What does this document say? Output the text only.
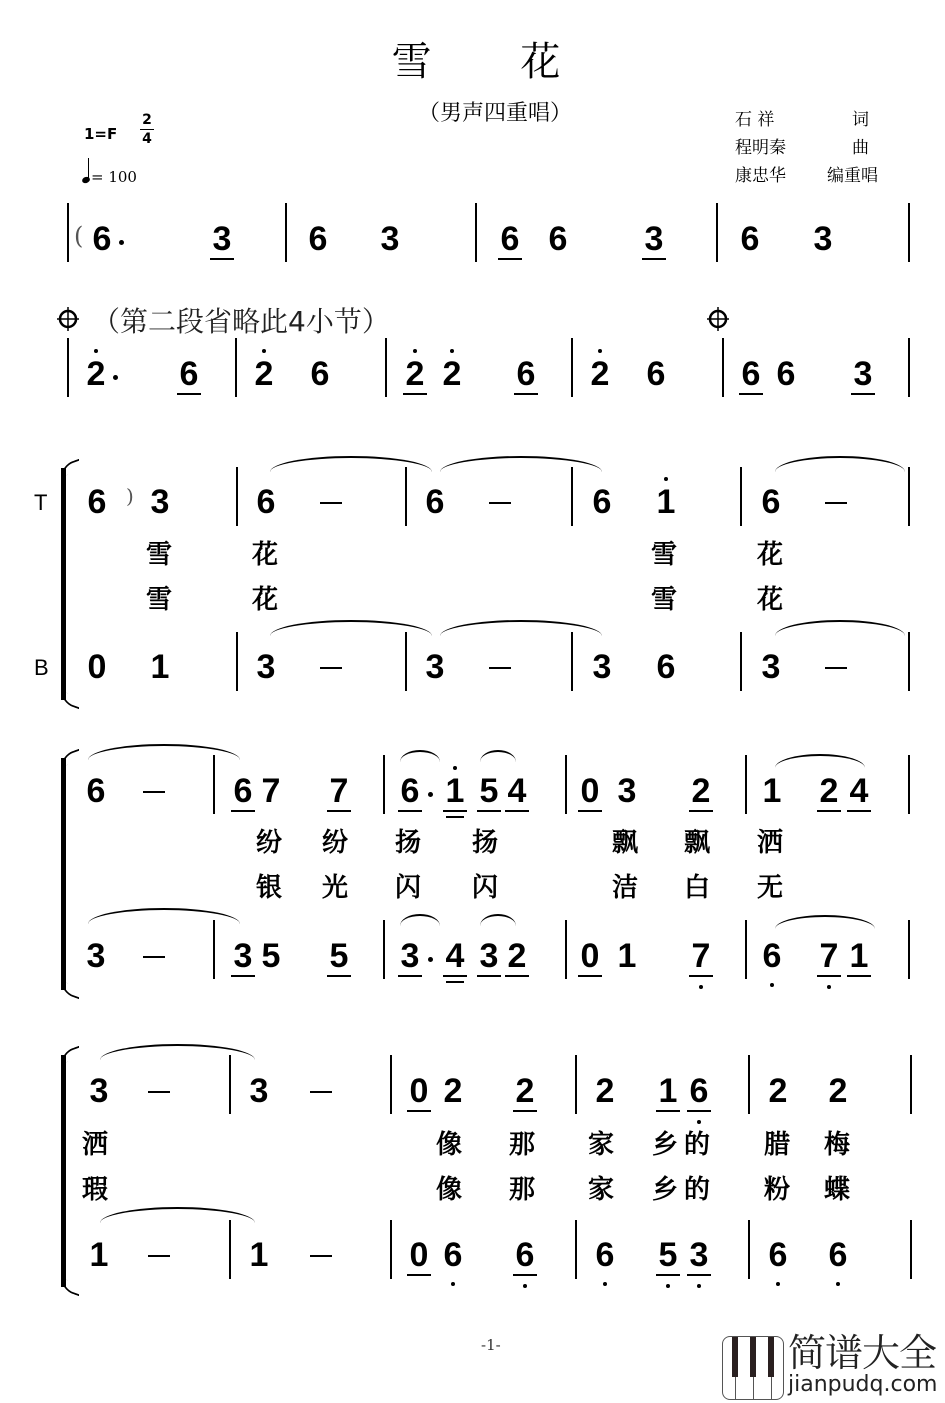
雪 花
（男声四重唱）
1=F
2
4
= 100
石 祥	词
程明秦	曲
康忠华 编重唱
( 6	3 6 3	6 6 3 6 3
（第二段省略此4小节）
2 6 2 6 2 2 6 2 6 6 6 3
T
B
6 ) 3	6	6	6 1	6
雪	花	雪	花
雪	花	雪	花
0 1	3	3	3 6	3
6	6 7 7 6 1 5 4 0 3 2 1 2 4
纷 纷 扬 扬	飘 飘 洒
银 光 闪 闪	洁 白 无
3	3 5 5 3 4 3 2 0 1 7 6 7 1
3	3	0 2 2 2 1 6 2 2
洒	像 那 家 乡 的 腊 梅
瑕	像 那 家 乡 的 粉 蝶
1	1	0 6 6 6 5 3 6 6
-1-	简谱大全
jianpudq.com
